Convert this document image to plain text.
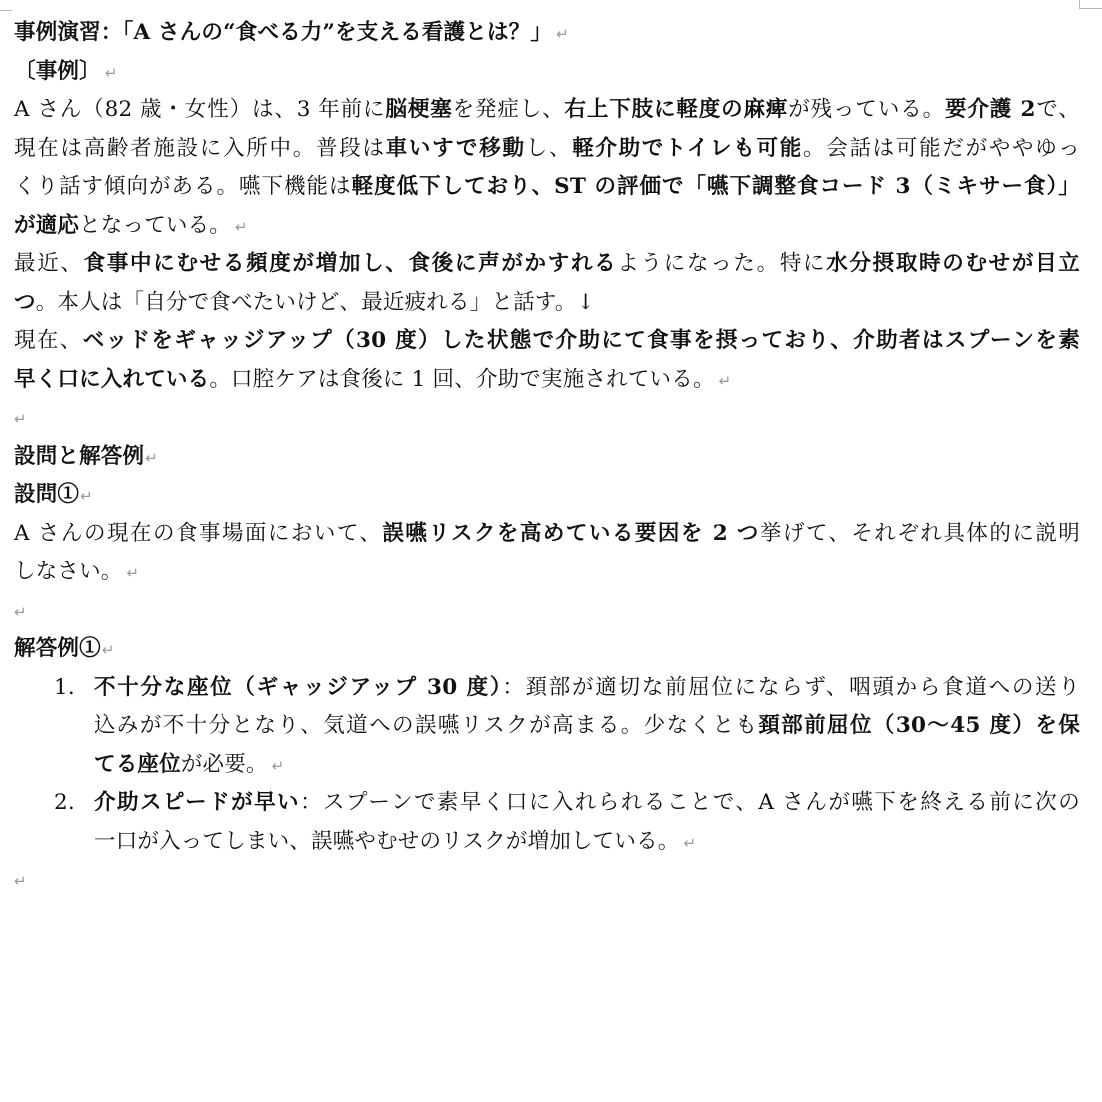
事例演習：「A さんの“食べる力”を支える看護とは？」 ↵
〔事例〕 ↵
A さん（82 歳・女性）は、3 年前に脳梗塞を発症し、右上下肢に軽度の麻痺が残っている。要介護 2で、
現在は高齢者施設に入所中。普段は車いすで移動し、軽介助でトイレも可能。会話は可能だがややゆっ
くり話す傾向がある。嚥下機能は軽度低下しており、ST の評価で「嚥下調整食コード 3（ミキサー食）」
が適応となっている。 ↵
最近、食事中にむせる頻度が増加し、食後に声がかすれるようになった。特に水分摂取時のむせが目立
つ。本人は「自分で食べたいけど、最近疲れる」と話す。↓
現在、ベッドをギャッジアップ（30 度）した状態で介助にて食事を摂っており、介助者はスプーンを素
早く口に入れている。口腔ケアは食後に 1 回、介助で実施されている。 ↵
↵
設問と解答例↵
設問①↵
A さんの現在の食事場面において、誤嚥リスクを高めている要因を 2 つ挙げて、それぞれ具体的に説明
しなさい。 ↵
↵
解答例①↵
1. 不十分な座位（ギャッジアップ 30 度）：頚部が適切な前屈位にならず、咽頭から食道への送り
込みが不十分となり、気道への誤嚥リスクが高まる。少なくとも頚部前屈位（30〜45 度）を保
てる座位が必要。 ↵
2. 介助スピードが早い：スプーンで素早く口に入れられることで、A さんが嚥下を終える前に次の
一口が入ってしまい、誤嚥やむせのリスクが増加している。 ↵
↵
